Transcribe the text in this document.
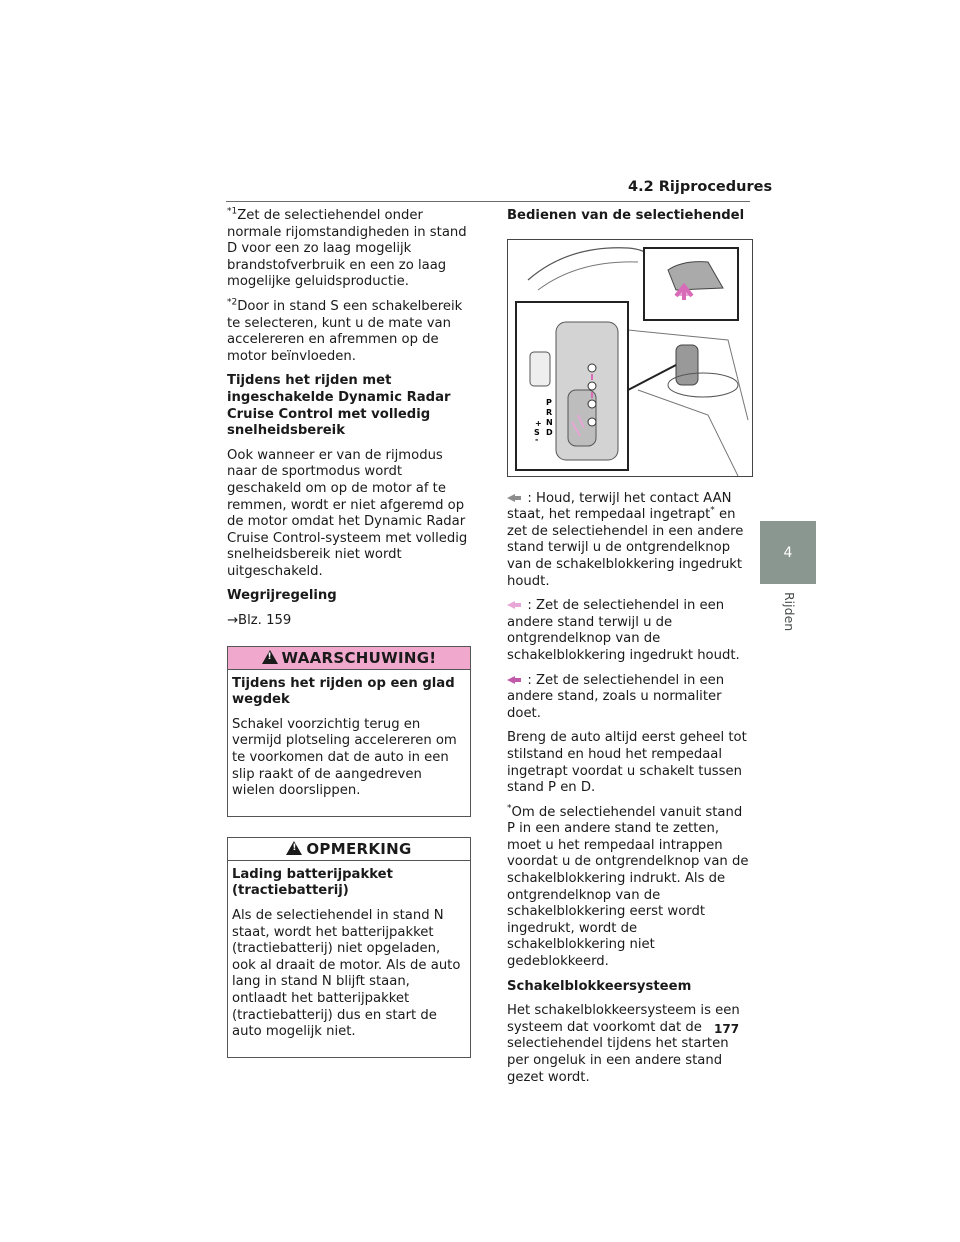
4.2 Rijprocedures

$^{*1}$Zet de selectiehendel onder normale rijomstandigheden in stand D voor een zo laag mogelijk brandstofverbruik en een zo laag mogelijke geluidsproductie.

$^{*2}$Door in stand S een schakelbereik te selecteren, kunt u de mate van accelereren en afremmen op de motor beïnvloeden.

Tijdens het rijden met ingeschakelde Dynamic Radar Cruise Control met volledig snelheidsbereik

Ook wanneer er van de rijmodus naar de sportmodus wordt geschakeld om op de motor af te remmen, wordt er niet afgeremd op de motor omdat het Dynamic Radar Cruise Control-systeem met volledig snelheidsbereik niet wordt uitgeschakeld.

Wegrijregeling

→Blz. 159

!
WAARSCHUWING!

Tijdens het rijden op een glad wegdek

Schakel voorzichtig terug en vermijd plotseling accelereren om te voorkomen dat de auto in een slip raakt of de aangedreven wielen doorslippen.

!
OPMERKING

Lading batterijpakket (tractiebatterij)

Als de selectiehendel in stand N staat, wordt het batterijpakket (tractiebatterij) niet opgeladen, ook al draait de motor. Als de auto lang in stand N blijft staan, ontlaadt het batterijpakket (tractiebatterij) dus en start de auto mogelijk niet.

Bedienen van de selectiehendel

P
R
N
D
S
+
-

: Houd, terwijl het contact AAN staat, het rempedaal ingetrapt* en zet de selectiehendel in een andere stand terwijl u de ontgrendelknop van de schakelblokkering ingedrukt houdt.

: Zet de selectiehendel in een andere stand terwijl u de ontgrendelknop van de schakelblokkering ingedrukt houdt.

: Zet de selectiehendel in een andere stand, zoals u normaliter doet.

Breng de auto altijd eerst geheel tot stilstand en houd het rempedaal ingetrapt voordat u schakelt tussen stand P en D.

*Om de selectiehendel vanuit stand P in een andere stand te zetten, moet u het rempedaal intrappen voordat u de ontgrendelknop van de schakelblokkering indrukt. Als de ontgrendelknop van de schakelblokkering eerst wordt ingedrukt, wordt de schakelblokkering niet gedeblokkeerd.

Schakelblokkeersysteem

Het schakelblokkeersysteem is een systeem dat voorkomt dat de selectiehendel tijdens het starten per ongeluk in een andere stand gezet wordt.

4
Rijden
177
